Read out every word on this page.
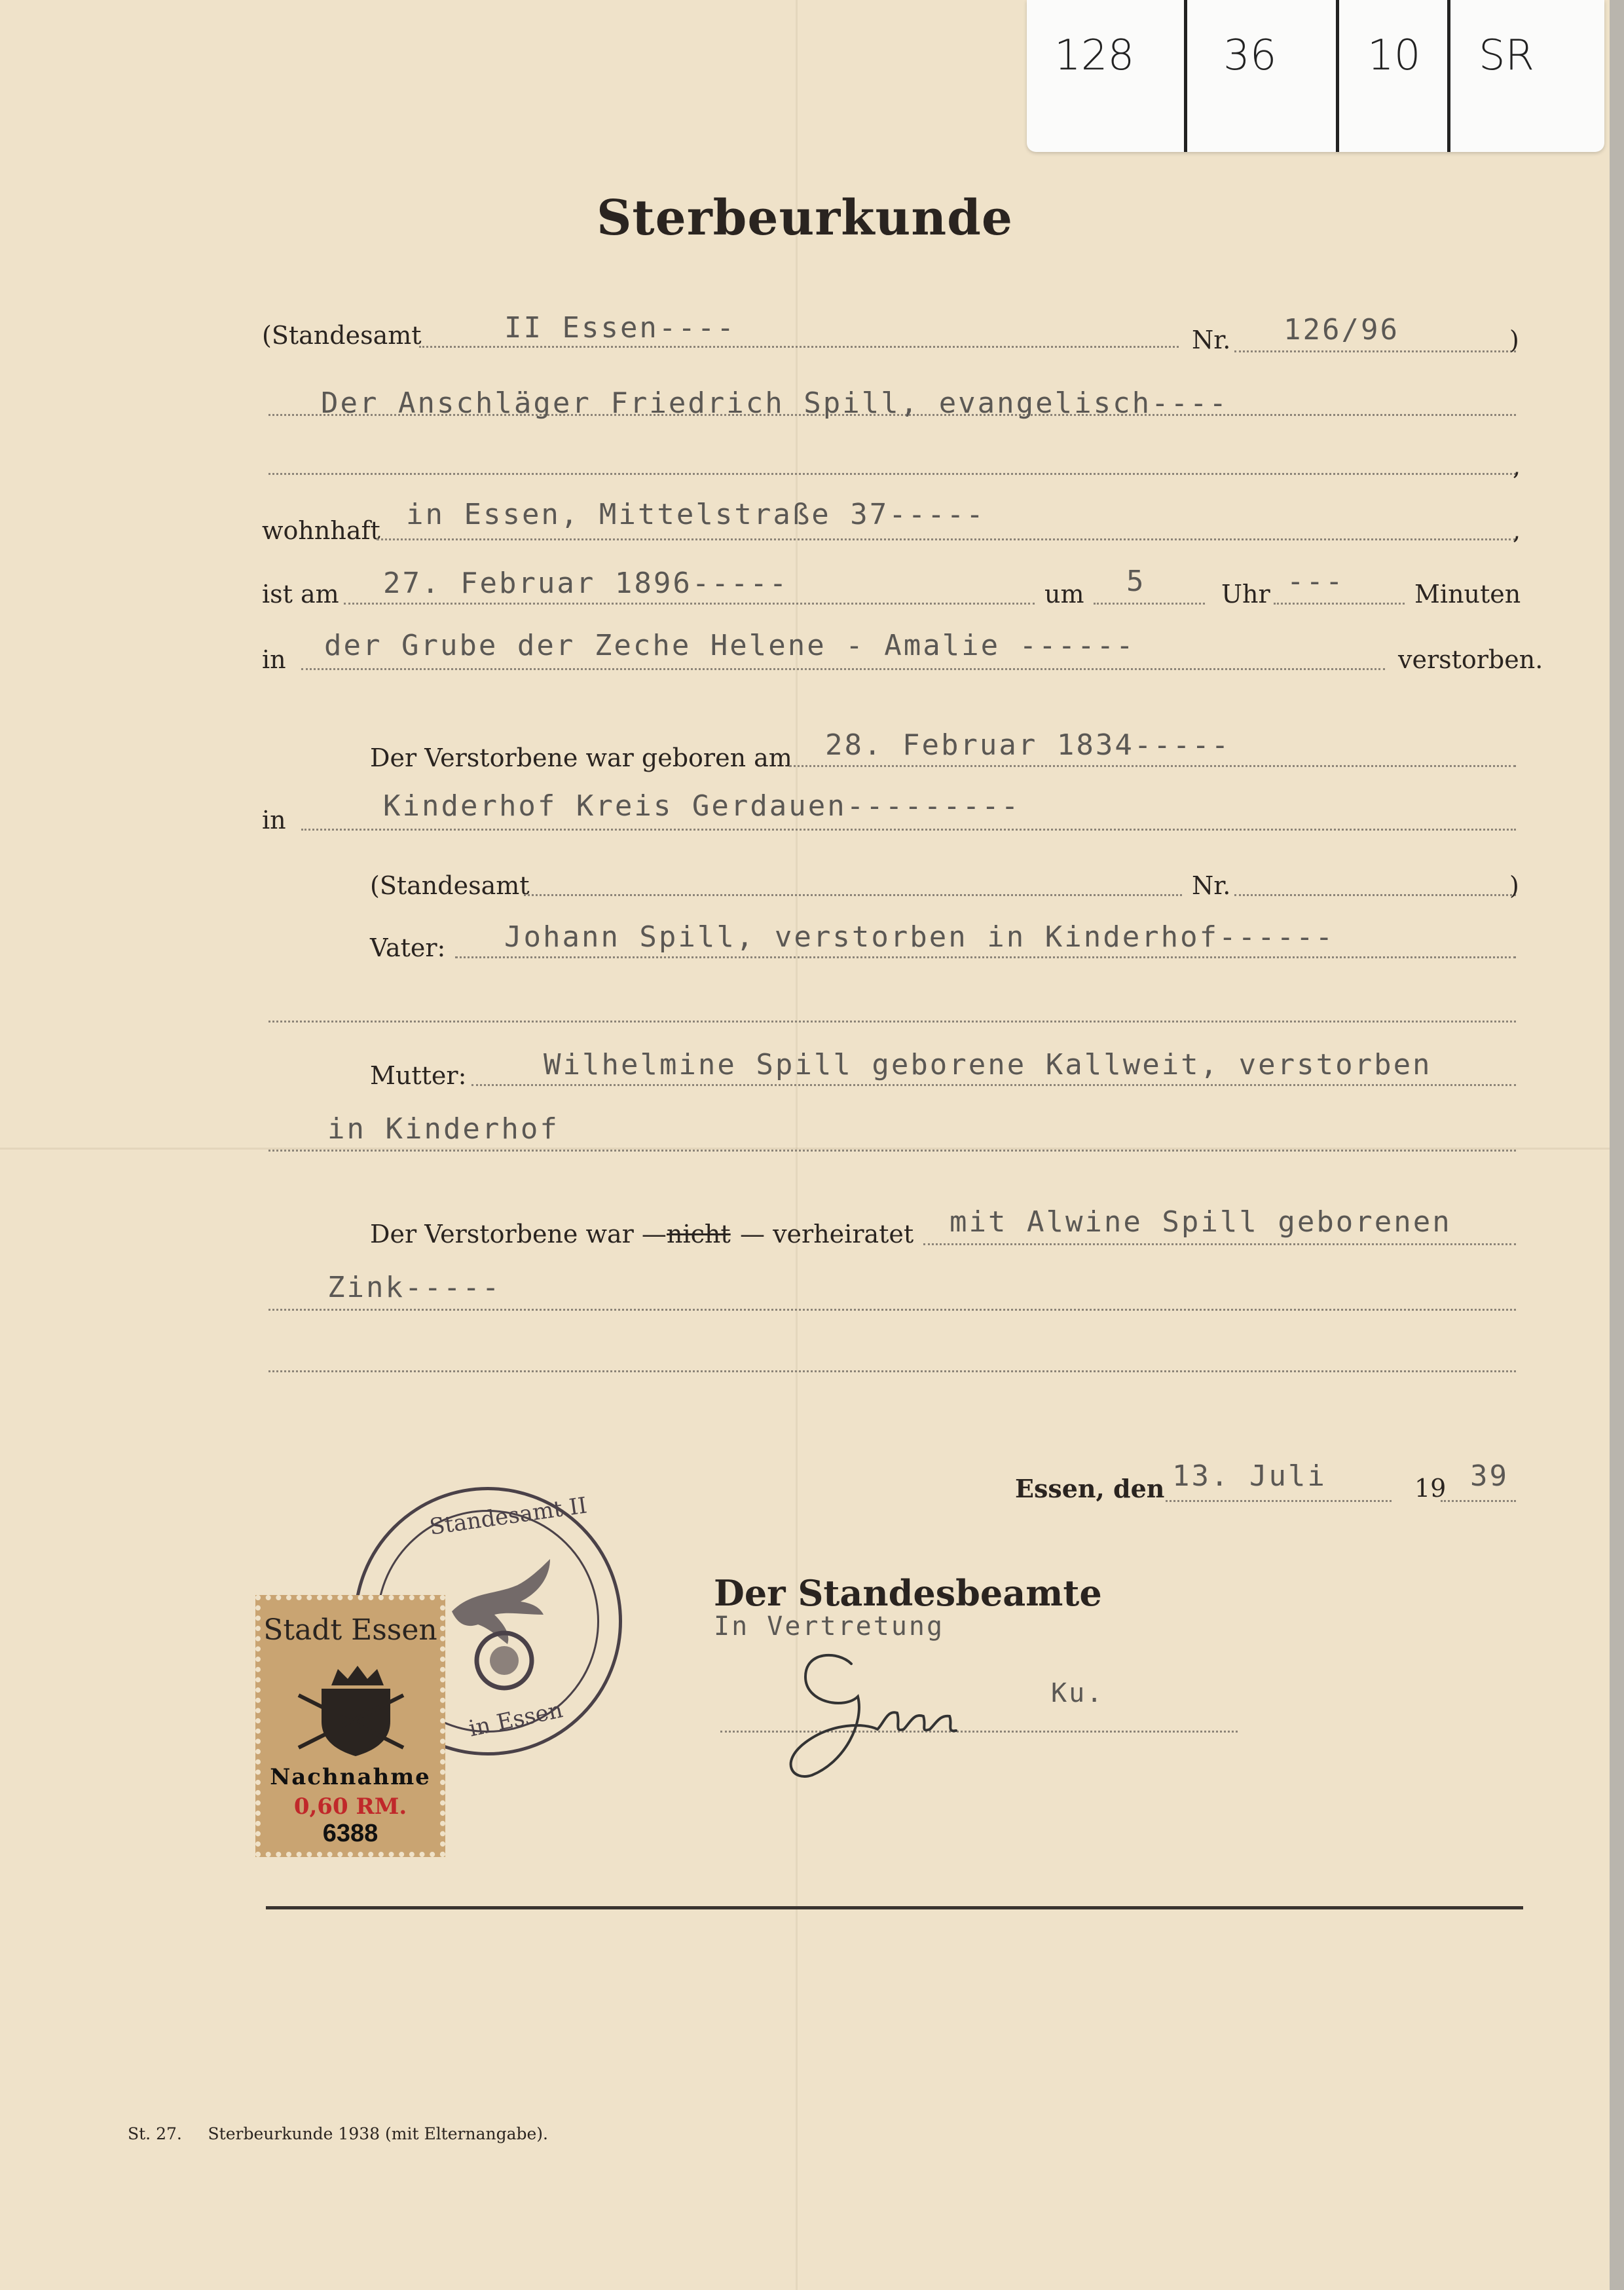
128 36 10 SR
Sterbeurkunde
(Standesamt	II Essen----	Nr. 126/96	)
Der Anschläger Friedrich Spill, evangelisch----
,
wohnhaft in Essen, Mittelstraße 37-----	,
ist am 27. Februar 1896-----	um 5	Uhr ---	Minuten
in der Grube der Zeche Helene - Amalie ------	verstorben.
Der Verstorbene war geboren am 28. Februar 1834-----
in	Kinderhof Kreis Gerdauen---------
(Standesamt	Nr.	)
Vater: Johann Spill, verstorben in Kinderhof------
Mutter:	Wilhelmine Spill geborene Kallweit, verstorben
in Kinderhof
Der Verstorbene war — nicht — verheiratet mit Alwine Spill geborenen
Zink-----
Essen, den 13. Juli	19 39
Standesamt II
in Essen
Stadt Essen
Nachnahme
0,60 RM.
6388
Der Standesbeamte
In Vertretung
Ku.
St. 27.     Sterbeurkunde 1938 (mit Elternangabe).
